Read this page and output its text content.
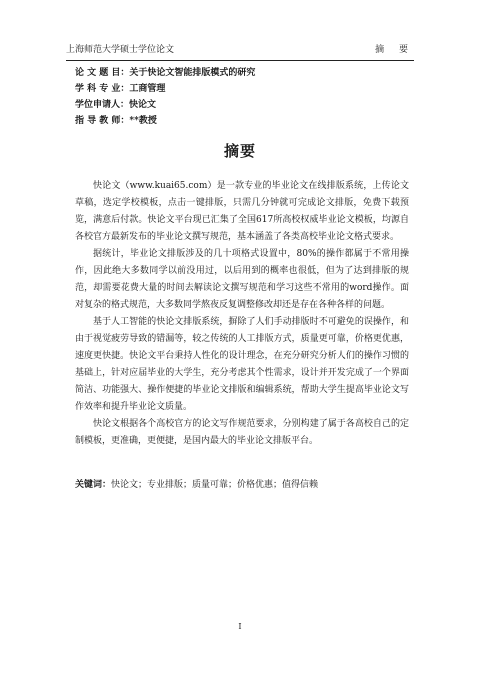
上海师范大学硕士学位论文	摘 要
论 文 题 目：关于快论文智能排版模式的研究
学 科 专 业：工商管理
学位申请人：快论文
指 导 教 师：**教授
摘要

快论文（www.kuai65.com）是一款专业的毕业论文在线排版系统，上传论文草稿，选定学校模板，点击一键排版，只需几分钟就可完成论文排版，免费下载预览，满意后付款。快论文平台现已汇集了全国617所高校权威毕业论文模板，均源自各校官方最新发布的毕业论文撰写规范，基本涵盖了各类高校毕业论文格式要求。

据统计，毕业论文排版涉及的几十项格式设置中，80%的操作都属于不常用操作，因此绝大多数同学以前没用过，以后用到的概率也很低，但为了达到排版的规范，却需要花费大量的时间去解读论文撰写规范和学习这些不常用的word操作。面对复杂的格式规范，大多数同学熬夜反复调整修改却还是存在各种各样的问题。

基于人工智能的快论文排版系统，摒除了人们手动排版时不可避免的误操作，和由于视觉疲劳导致的错漏等，较之传统的人工排版方式，质量更可靠，价格更优惠，速度更快捷。快论文平台秉持人性化的设计理念，在充分研究分析人们的操作习惯的基础上，针对应届毕业的大学生，充分考虑其个性需求，设计并开发完成了一个界面简洁、功能强大、操作便捷的毕业论文排版和编辑系统，帮助大学生提高毕业论文写作效率和提升毕业论文质量。

快论文根据各个高校官方的论文写作规范要求，分别构建了属于各高校自己的定制模板，更准确，更便捷，是国内最大的毕业论文排版平台。

关键词：快论文；专业排版；质量可靠；价格优惠；值得信赖
I
